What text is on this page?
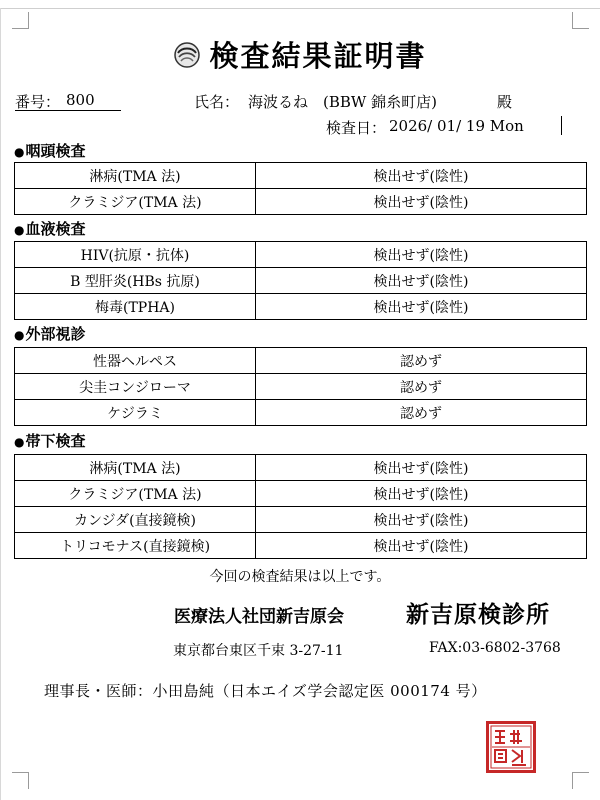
検査結果証明書
番号： 800	氏名： 海波るね　(BBW 錦糸町店)	殿
検査日： 2026/ 01/ 19 Mon
●咽頭検査
淋病(TMA 法)	検出せず(陰性)
クラミジア(TMA 法)	検出せず(陰性)
●血液検査
HIV(抗原・抗体)	検出せず(陰性)
B 型肝炎(HBs 抗原)	検出せず(陰性)
梅毒(TPHA)	検出せず(陰性)
●外部視診
性器ヘルペス	認めず
尖圭コンジローマ	認めず
ケジラミ	認めず
●帯下検査
淋病(TMA 法)	検出せず(陰性)
クラミジア(TMA 法)	検出せず(陰性)
カンジダ(直接鏡検)	検出せず(陰性)
トリコモナス(直接鏡検)	検出せず(陰性)
今回の検査結果は以上です。
医療法人社団新吉原会	新吉原検診所
東京都台東区千束 3-27-11	FAX:03-6802-3768
理事長・医師：小田島純（日本エイズ学会認定医 000174 号）
